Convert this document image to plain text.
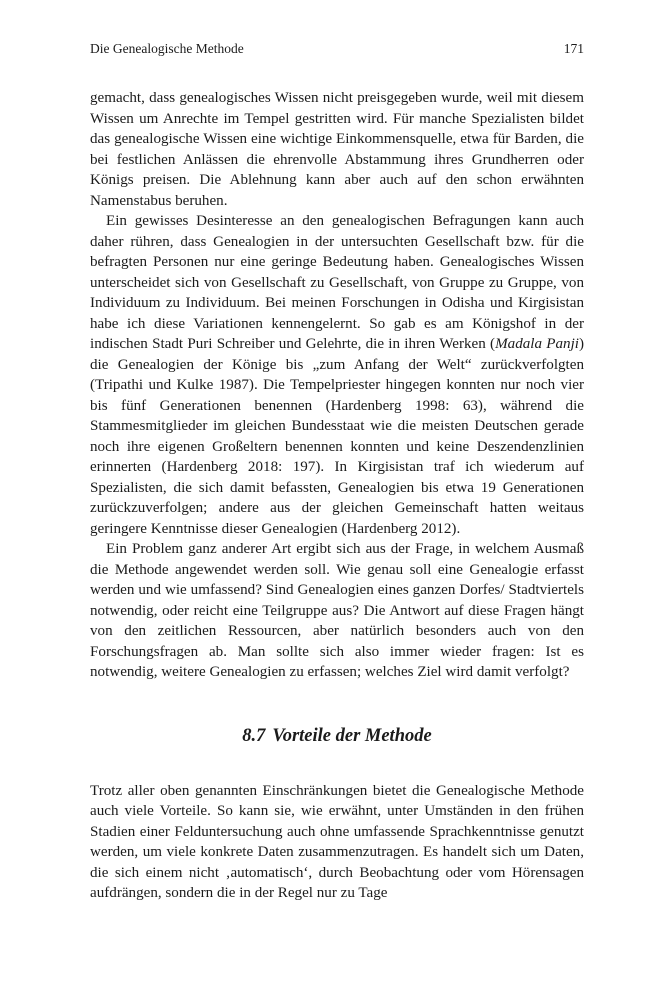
Die Genealogische Methode	171

gemacht, dass genealogisches Wissen nicht preisgegeben wurde, weil mit diesem Wissen um Anrechte im Tempel gestritten wird. Für manche Spezialisten bildet das genealogische Wissen eine wichtige Einkommensquelle, etwa für Barden, die bei festlichen Anlässen die ehrenvolle Abstammung ihres Grundherren oder Königs preisen. Die Ablehnung kann aber auch auf den schon erwähnten Namenstabus beruhen.

Ein gewisses Desinteresse an den genealogischen Befragungen kann auch daher rühren, dass Genealogien in der untersuchten Gesellschaft bzw. für die befragten Personen nur eine geringe Bedeutung haben. Genealogisches Wissen unterscheidet sich von Gesellschaft zu Gesellschaft, von Gruppe zu Gruppe, von Individuum zu Individuum. Bei meinen Forschungen in Odisha und Kirgisistan habe ich diese Variationen kennengelernt. So gab es am Königshof in der indischen Stadt Puri Schreiber und Gelehrte, die in ihren Werken (Madala Panji) die Genealogien der Könige bis „zum Anfang der Welt“ zurückverfolgten (Tripathi und Kulke 1987). Die Tempelpriester hingegen konnten nur noch vier bis fünf Generationen benennen (Hardenberg 1998: 63), während die Stammesmitglieder im gleichen Bundesstaat wie die meisten Deutschen gerade noch ihre eigenen Großeltern benennen konnten und keine Deszendenzlinien erinnerten (Hardenberg 2018: 197). In Kirgisistan traf ich wiederum auf Spezialisten, die sich damit befassten, Genealogien bis etwa 19 Generationen zurückzuverfolgen; andere aus der gleichen Gemeinschaft hatten weitaus geringere Kenntnisse dieser Genealogien (Hardenberg 2012).

Ein Problem ganz anderer Art ergibt sich aus der Frage, in welchem Ausmaß die Methode angewendet werden soll. Wie genau soll eine Genealogie erfasst werden und wie umfassend? Sind Genealogien eines ganzen Dorfes/ Stadtviertels notwendig, oder reicht eine Teilgruppe aus? Die Antwort auf diese Fragen hängt von den zeitlichen Ressourcen, aber natürlich besonders auch von den Forschungsfragen ab. Man sollte sich also immer wieder fragen: Ist es notwendig, weitere Genealogien zu erfassen; welches Ziel wird damit verfolgt?

8.7 Vorteile der Methode

Trotz aller oben genannten Einschränkungen bietet die Genealogische Methode auch viele Vorteile. So kann sie, wie erwähnt, unter Umständen in den frühen Stadien einer Felduntersuchung auch ohne umfassende Sprachkenntnisse genutzt werden, um viele konkrete Daten zusammenzutragen. Es handelt sich um Daten, die sich einem nicht ‚automatisch‘, durch Beobachtung oder vom Hörensagen aufdrängen, sondern die in der Regel nur zu Tage
